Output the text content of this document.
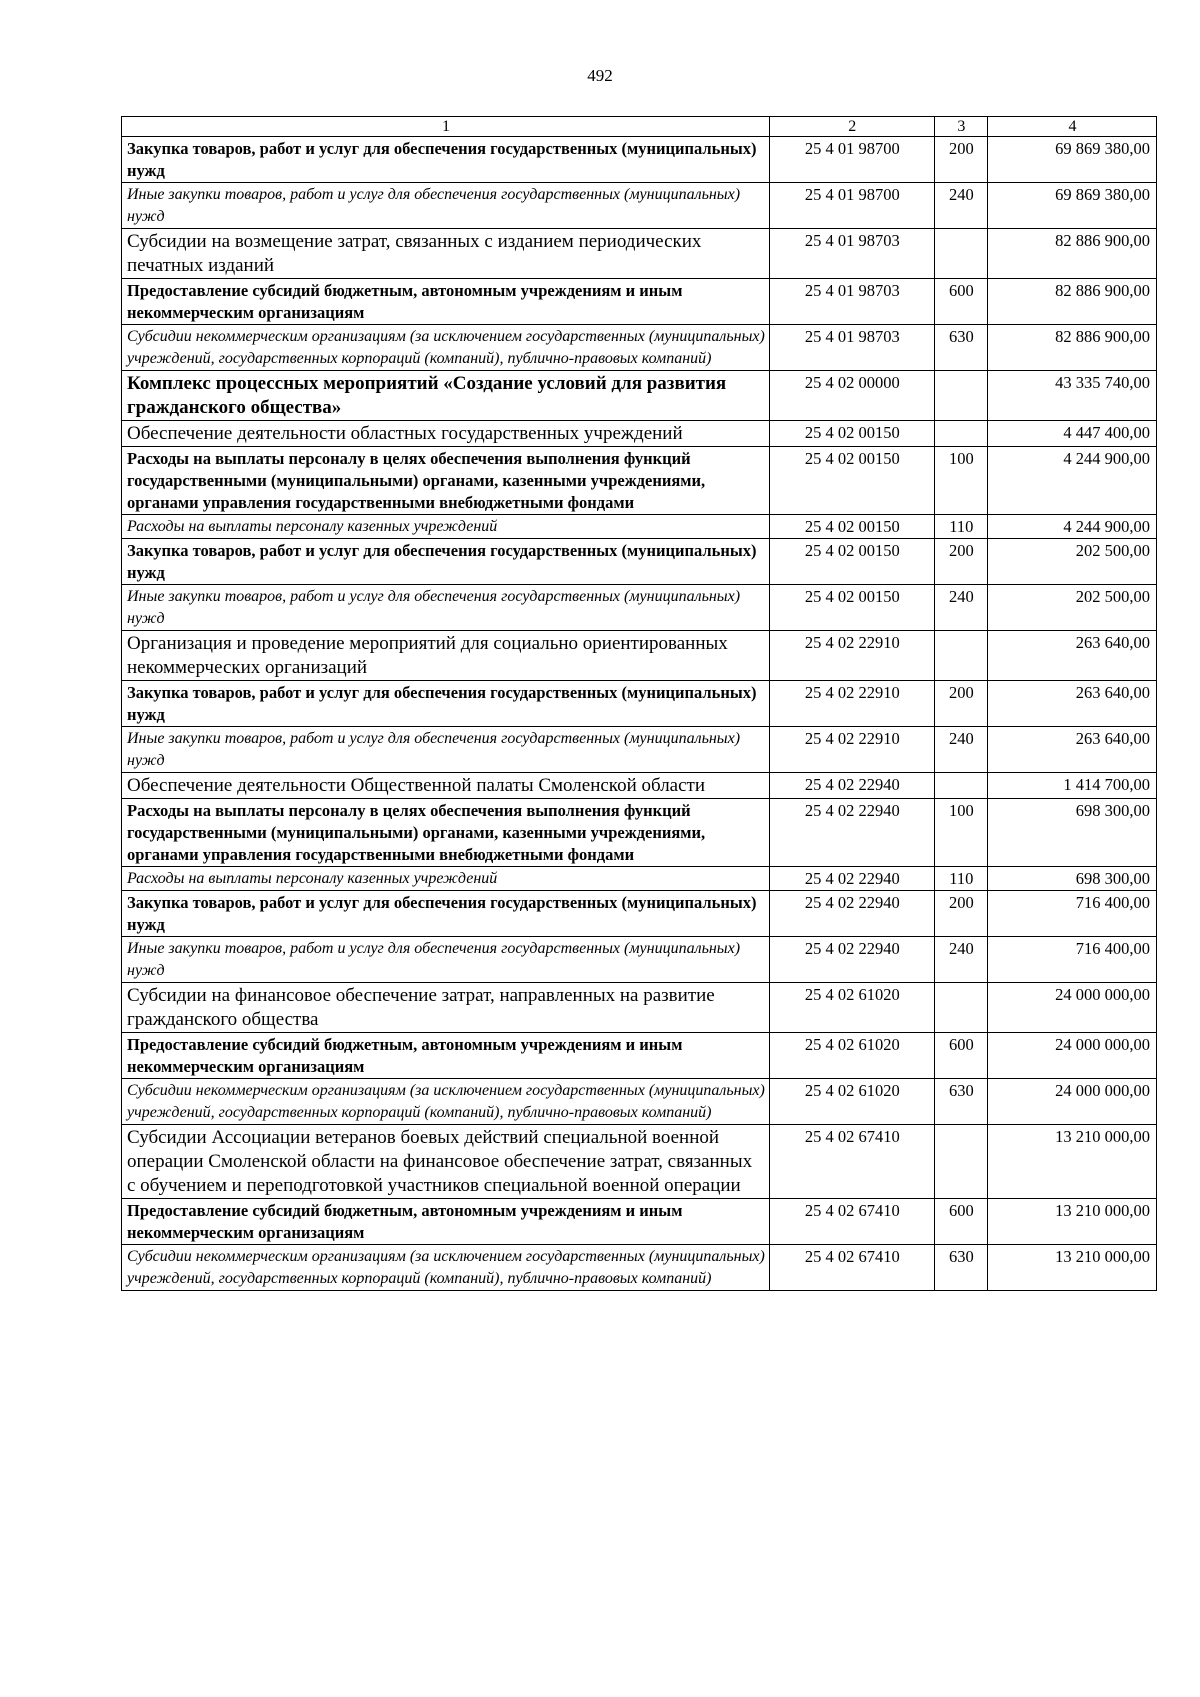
492
1	2	3	4
Закупка товаров, работ и услуг для обеспечения государственных (муниципальных) нужд	25 4 01 98700	200	69 869 380,00
Иные закупки товаров, работ и услуг для обеспечения государственных (муниципальных) нужд	25 4 01 98700	240	69 869 380,00
Субсидии на возмещение затрат, связанных с изданием периодических печатных изданий	25 4 01 98703		82 886 900,00
Предоставление субсидий бюджетным, автономным учреждениям и иным некоммерческим организациям	25 4 01 98703	600	82 886 900,00
Субсидии некоммерческим организациям (за исключением государственных (муниципальных) учреждений, государственных корпораций (компаний), публично-правовых компаний)	25 4 01 98703	630	82 886 900,00
Комплекс процессных мероприятий «Создание условий для развития гражданского общества»	25 4 02 00000		43 335 740,00
Обеспечение деятельности областных государственных учреждений	25 4 02 00150		4 447 400,00
Расходы на выплаты персоналу в целях обеспечения выполнения функций государственными (муниципальными) органами, казенными учреждениями, органами управления государственными внебюджетными фондами	25 4 02 00150	100	4 244 900,00
Расходы на выплаты персоналу казенных учреждений	25 4 02 00150	110	4 244 900,00
Закупка товаров, работ и услуг для обеспечения государственных (муниципальных) нужд	25 4 02 00150	200	202 500,00
Иные закупки товаров, работ и услуг для обеспечения государственных (муниципальных) нужд	25 4 02 00150	240	202 500,00
Организация и проведение мероприятий для социально ориентированных некоммерческих организаций	25 4 02 22910		263 640,00
Закупка товаров, работ и услуг для обеспечения государственных (муниципальных) нужд	25 4 02 22910	200	263 640,00
Иные закупки товаров, работ и услуг для обеспечения государственных (муниципальных) нужд	25 4 02 22910	240	263 640,00
Обеспечение деятельности Общественной палаты Смоленской области	25 4 02 22940		1 414 700,00
Расходы на выплаты персоналу в целях обеспечения выполнения функций государственными (муниципальными) органами, казенными учреждениями, органами управления государственными внебюджетными фондами	25 4 02 22940	100	698 300,00
Расходы на выплаты персоналу казенных учреждений	25 4 02 22940	110	698 300,00
Закупка товаров, работ и услуг для обеспечения государственных (муниципальных) нужд	25 4 02 22940	200	716 400,00
Иные закупки товаров, работ и услуг для обеспечения государственных (муниципальных) нужд	25 4 02 22940	240	716 400,00
Субсидии на финансовое обеспечение затрат, направленных на развитие гражданского общества	25 4 02 61020		24 000 000,00
Предоставление субсидий бюджетным, автономным учреждениям и иным некоммерческим организациям	25 4 02 61020	600	24 000 000,00
Субсидии некоммерческим организациям (за исключением государственных (муниципальных) учреждений, государственных корпораций (компаний), публично-правовых компаний)	25 4 02 61020	630	24 000 000,00
Субсидии Ассоциации ветеранов боевых действий специальной военной операции Смоленской области на финансовое обеспечение затрат, связанных с обучением и переподготовкой участников специальной военной операции	25 4 02 67410		13 210 000,00
Предоставление субсидий бюджетным, автономным учреждениям и иным некоммерческим организациям	25 4 02 67410	600	13 210 000,00
Субсидии некоммерческим организациям (за исключением государственных (муниципальных) учреждений, государственных корпораций (компаний), публично-правовых компаний)	25 4 02 67410	630	13 210 000,00
